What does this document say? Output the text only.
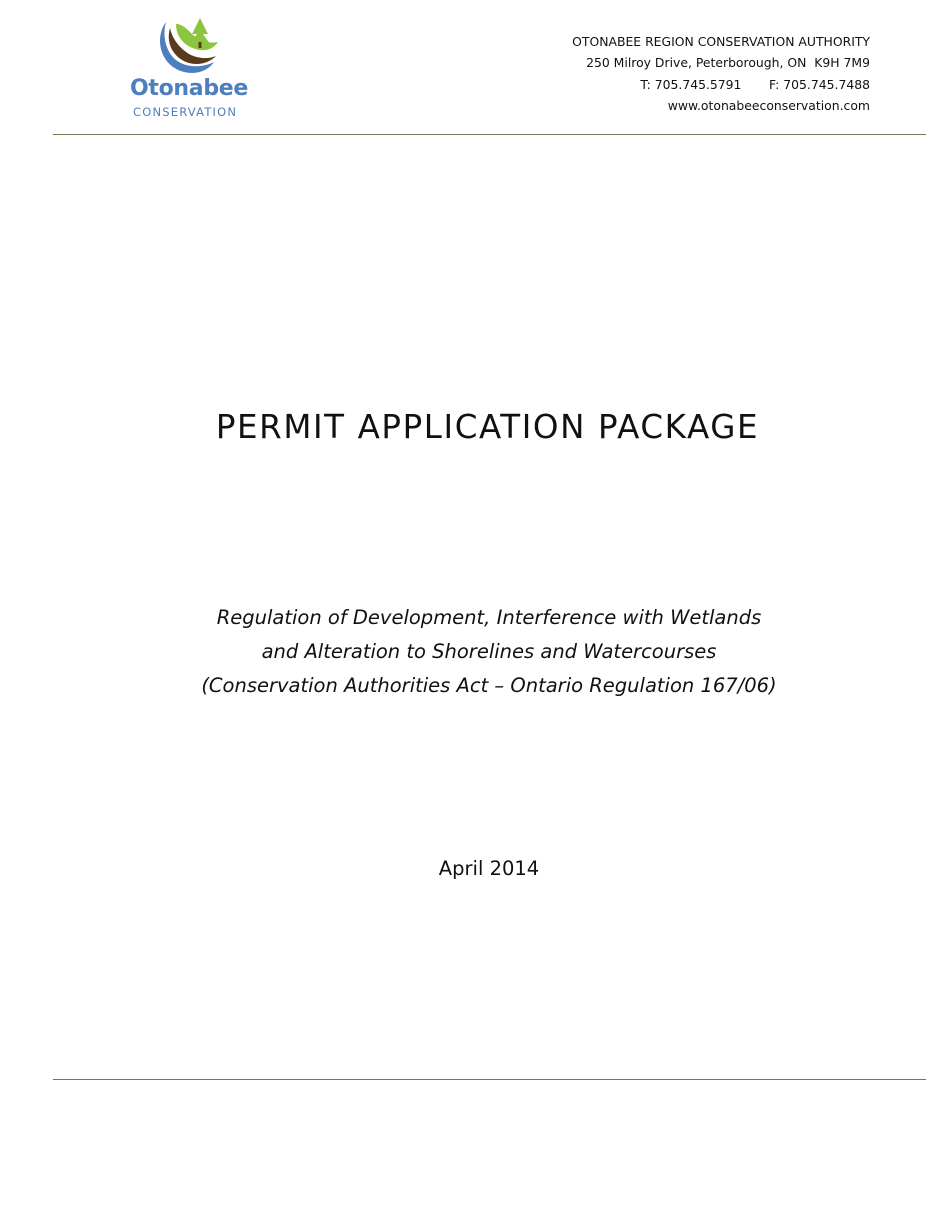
Otonabee
CONSERVATION
OTONABEE REGION CONSERVATION AUTHORITY
250 Milroy Drive, Peterborough, ON  K9H 7M9
T: 705.745.5791       F: 705.745.7488
www.otonabeeconservation.com
PERMIT APPLICATION PACKAGE
Regulation of Development, Interference with Wetlands
and Alteration to Shorelines and Watercourses
(Conservation Authorities Act – Ontario Regulation 167/06)
April 2014
